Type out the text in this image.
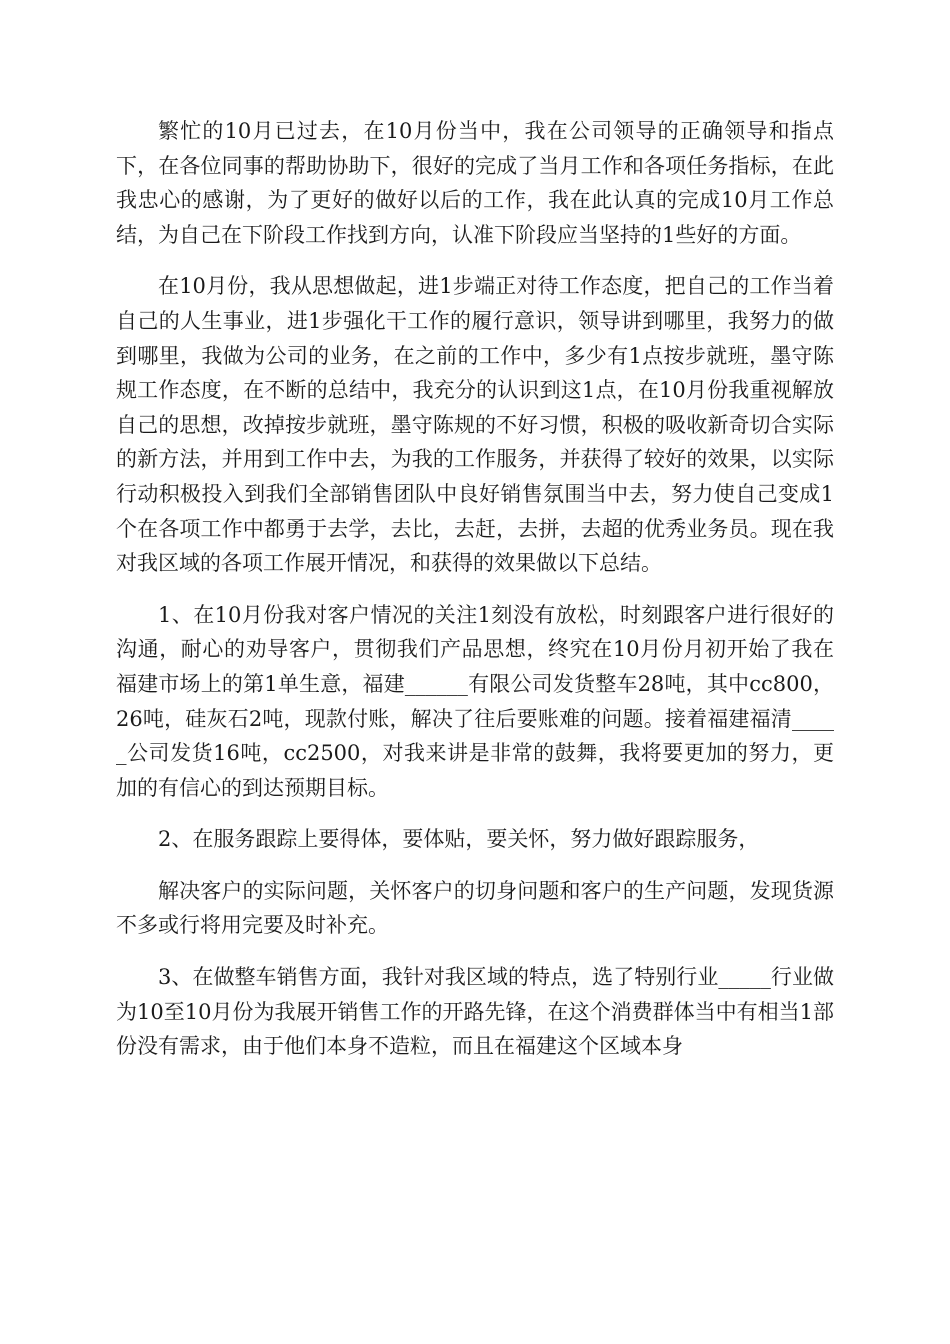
繁忙的10月已过去，在10月份当中，我在公司领导的正确领导和指点下，在各位同事的帮助协助下，很好的完成了当月工作和各项任务指标，在此我忠心的感谢，为了更好的做好以后的工作，我在此认真的完成10月工作总结，为自己在下阶段工作找到方向，认准下阶段应当坚持的1些好的方面。

在10月份，我从思想做起，进1步端正对待工作态度，把自己的工作当着自己的人生事业，进1步强化干工作的履行意识，领导讲到哪里，我努力的做到哪里，我做为公司的业务，在之前的工作中，多少有1点按步就班，墨守陈规工作态度，在不断的总结中，我充分的认识到这1点，在10月份我重视解放自己的思想，改掉按步就班，墨守陈规的不好习惯，积极的吸收新奇切合实际的新方法，并用到工作中去，为我的工作服务，并获得了较好的效果，以实际行动积极投入到我们全部销售团队中良好销售氛围当中去，努力使自己变成1个在各项工作中都勇于去学，去比，去赶，去拼，去超的优秀业务员。现在我对我区域的各项工作展开情况，和获得的效果做以下总结。

1、在10月份我对客户情况的关注1刻没有放松，时刻跟客户进行很好的沟通，耐心的劝导客户，贯彻我们产品思想，终究在10月份月初开始了我在福建市场上的第1单生意，福建______有限公司发货整车28吨，其中cc800，26吨，硅灰石2吨，现款付账，解决了往后要账难的问题。接着福建福清_____公司发货16吨，cc2500，对我来讲是非常的鼓舞，我将要更加的努力，更加的有信心的到达预期目标。

2、在服务跟踪上要得体，要体贴，要关怀，努力做好跟踪服务，

解决客户的实际问题，关怀客户的切身问题和客户的生产问题，发现货源不多或行将用完要及时补充。

3、在做整车销售方面，我针对我区域的特点，选了特别行业_____行业做为10至10月份为我展开销售工作的开路先锋，在这个消费群体当中有相当1部份没有需求，由于他们本身不造粒，而且在福建这个区域本身
